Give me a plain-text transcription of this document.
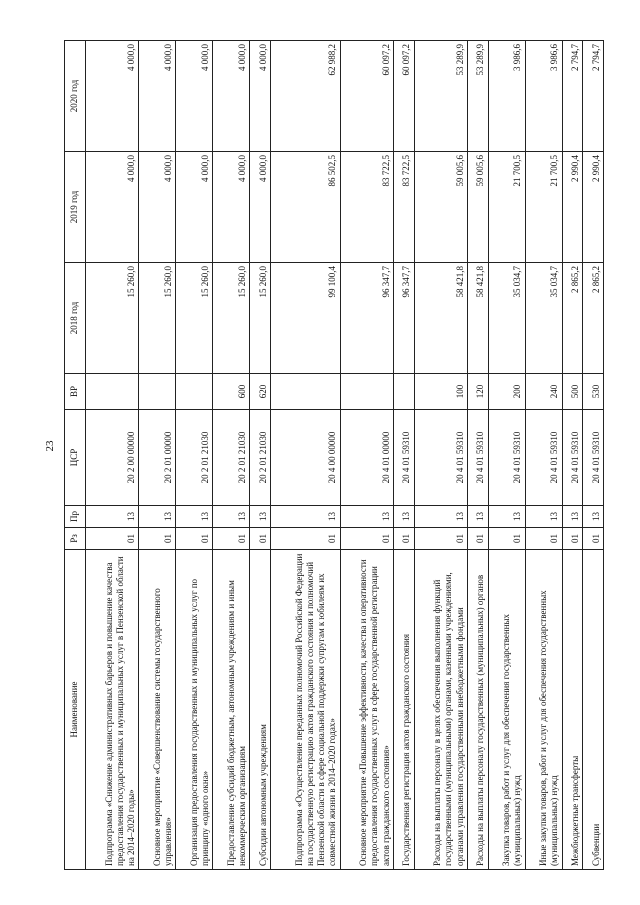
23
Наименование	Рз	Пр	ЦСР	ВР	2018 год	2019 год	2020 год
Подпрограмма «Снижение административных барьеров и повышение качества предоставления государственных и муниципальных услуг в Пензенской области на 2014–2020 годы»	01	13	20 2 00 00000		15 260,0	4 000,0	4 000,0
Основное мероприятие «Совершенствование системы государственного управления»	01	13	20 2 01 00000		15 260,0	4 000,0	4 000,0
Организация предоставления государственных и муниципальных услуг по принципу «одного окна»	01	13	20 2 01 21030		15 260,0	4 000,0	4 000,0
Предоставление субсидий бюджетным, автономным учреждениям и иным некоммерческим организациям	01	13	20 2 01 21030	600	15 260,0	4 000,0	4 000,0
Субсидии автономным учреждениям	01	13	20 2 01 21030	620	15 260,0	4 000,0	4 000,0
Подпрограмма «Осуществление переданных полномочий Российской Федерации на государственную регистрацию актов гражданского состояния и полномочий Пензенской области в сфере социальной поддержки супругам к юбилеям их совместной жизни в 2014–2020 годах»	01	13	20 4 00 00000		99 100,4	86 502,5	62 988,2
Основное мероприятие «Повышение эффективности, качества и оперативности предоставления государственных услуг в сфере государственной регистрации актов гражданского состояния»	01	13	20 4 01 00000		96 347,7	83 722,5	60 097,2
Государственная регистрация актов гражданского состояния	01	13	20 4 01 59310		96 347,7	83 722,5	60 097,2
Расходы на выплаты персоналу в целях обеспечения выполнения функций государственными (муниципальными) органами, казенными учреждениями, органами управления государственными внебюджетными фондами	01	13	20 4 01 59310	100	58 421,8	59 005,6	53 289,9
Расходы на выплаты персоналу государственных (муниципальных) органов	01	13	20 4 01 59310	120	58 421,8	59 005,6	53 289,9
Закупка товаров, работ и услуг для обеспечения государственных (муниципальных) нужд	01	13	20 4 01 59310	200	35 034,7	21 700,5	3 986,6
Иные закупки товаров, работ и услуг для обеспечения государственных (муниципальных) нужд	01	13	20 4 01 59310	240	35 034,7	21 700,5	3 986,6
Межбюджетные трансферты	01	13	20 4 01 59310	500	2 865,2	2 990,4	2 794,7
Субвенции	01	13	20 4 01 59310	530	2 865,2	2 990,4	2 794,7
